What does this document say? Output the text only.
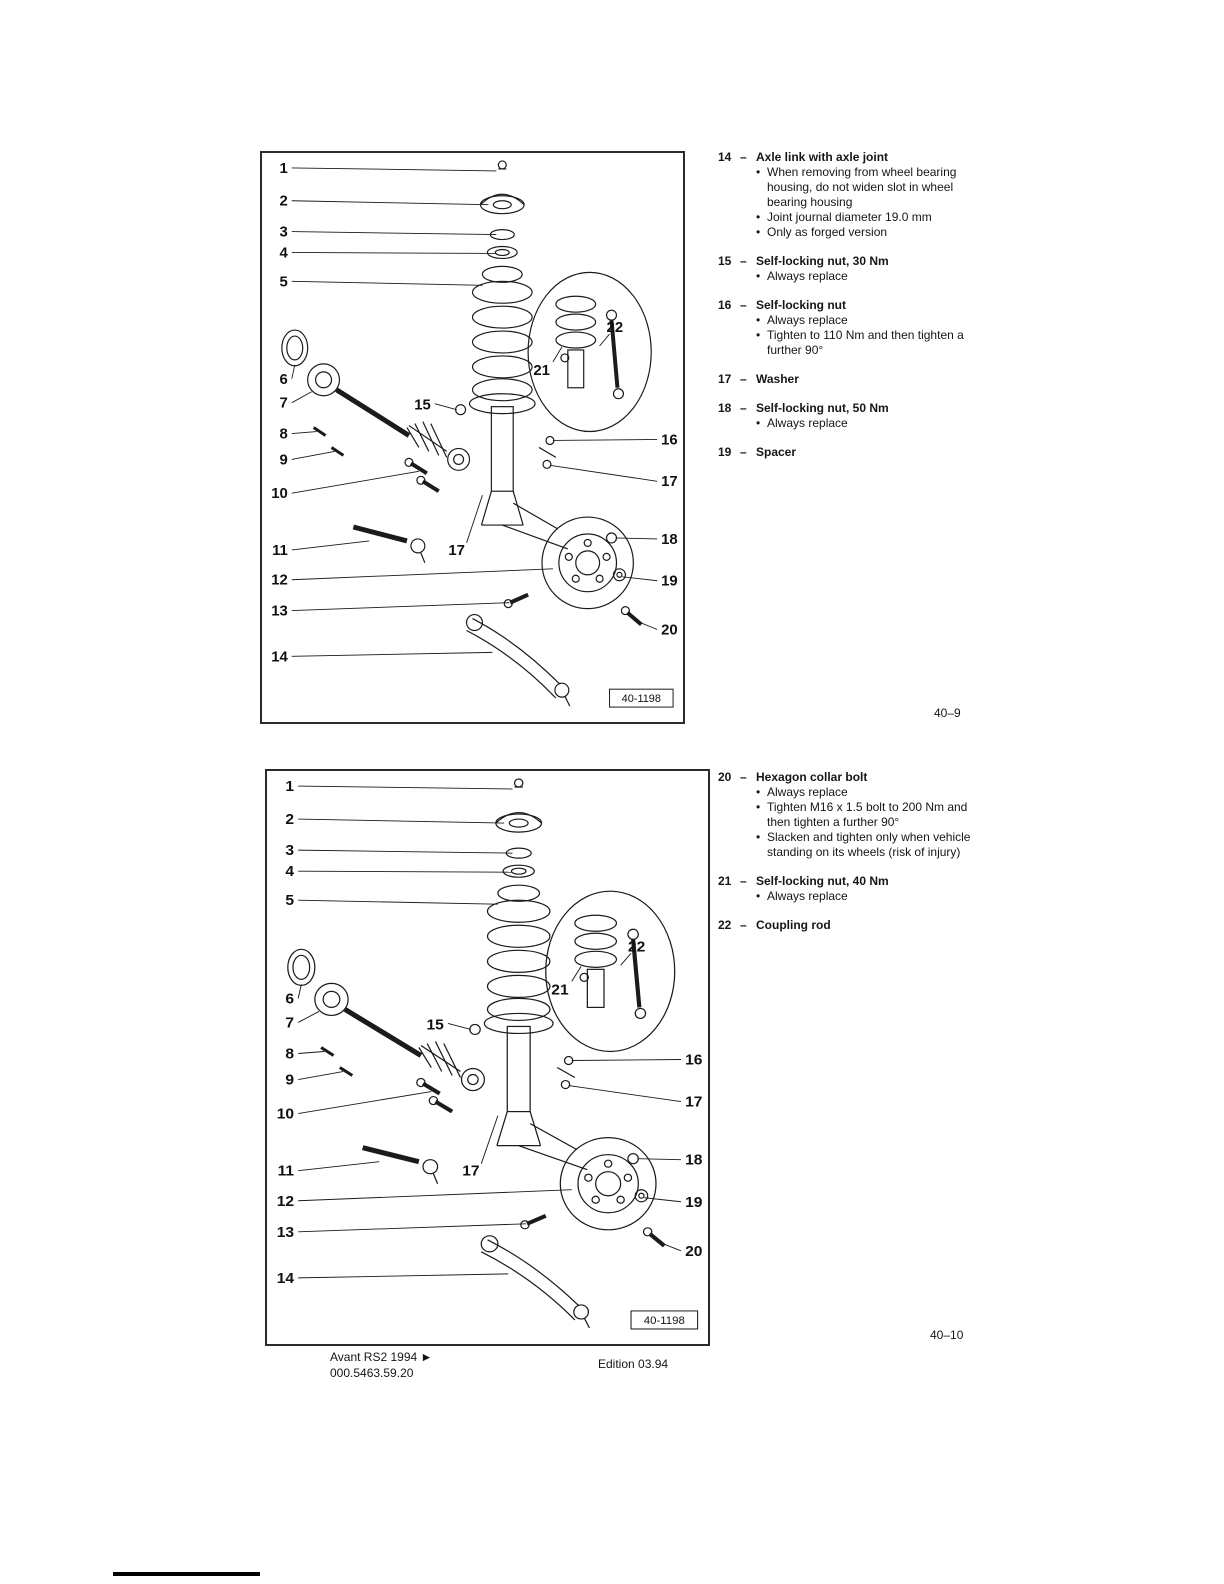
1
2
3
4
5
6
7
8
9
10
11
12
13
14
15
16
17
17
18
19
20
21
22
40-1198
14 – Axle link with axle joint
• When removing from wheel bearing housing, do not widen slot in wheel bearing housing
• Joint journal diameter 19.0 mm
• Only as forged version
15 – Self-locking nut, 30 Nm
• Always replace
16 – Self-locking nut
• Always replace
• Tighten to 110 Nm and then tighten a further 90°
17 – Washer
18 – Self-locking nut, 50 Nm
• Always replace
19 – Spacer
20 – Hexagon collar bolt
• Always replace
• Tighten M16 x 1.5 bolt to 200 Nm and then tighten a further 90°
• Slacken and tighten only when vehicle standing on its wheels (risk of injury)
21 – Self-locking nut, 40 Nm
• Always replace
22 – Coupling rod
40–9
40–10
Avant RS2 1994 ►
000.5463.59.20
Edition 03.94
